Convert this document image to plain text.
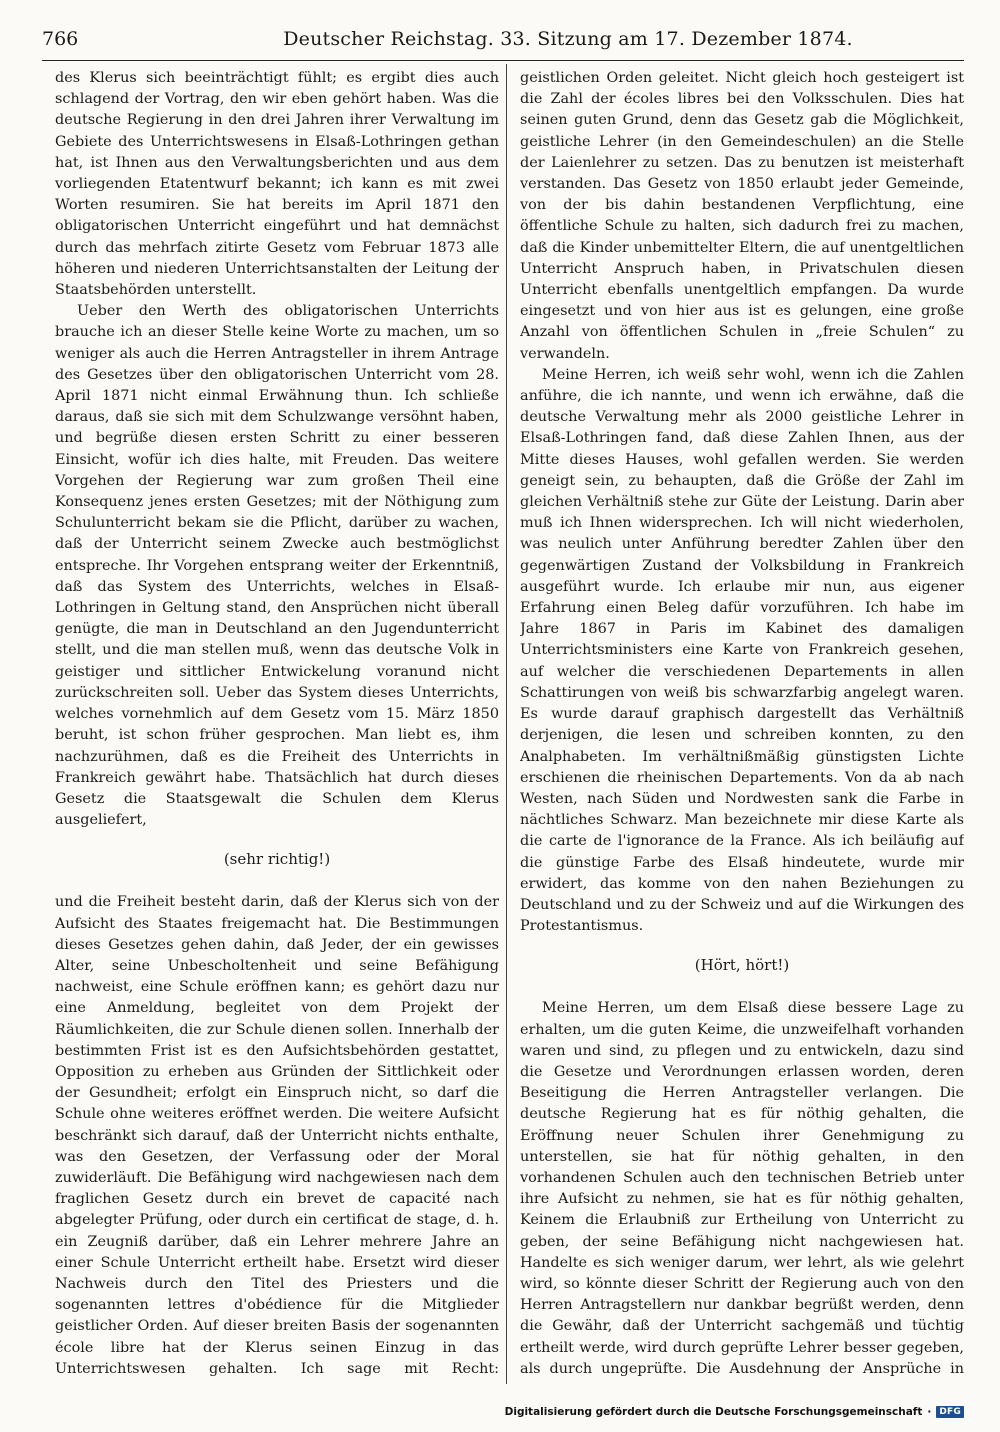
766	Deutscher Reichstag. 33. Sitzung am 17. Dezember 1874.

des Klerus sich beeinträchtigt fühlt; es ergibt dies auch schlagend der Vortrag, den wir eben gehört haben. Was die deutsche Regierung in den drei Jahren ihrer Verwaltung im Gebiete des Unterrichtswesens in Elsaß-Lothringen gethan hat, ist Ihnen aus den Verwaltungsberichten und aus dem vorliegenden Etatentwurf bekannt; ich kann es mit zwei Worten resumiren. Sie hat bereits im April 1871 den obligatorischen Unterricht eingeführt und hat demnächst durch das mehrfach zitirte Gesetz vom Februar 1873 alle höheren und niederen Unterrichtsanstalten der Leitung der Staatsbehörden unterstellt.

Ueber den Werth des obligatorischen Unterrichts brauche ich an dieser Stelle keine Worte zu machen, um so weniger als auch die Herren Antragsteller in ihrem Antrage des Gesetzes über den obligatorischen Unterricht vom 28. April 1871 nicht einmal Erwähnung thun. Ich schließe daraus, daß sie sich mit dem Schulzwange versöhnt haben, und begrüße diesen ersten Schritt zu einer besseren Einsicht, wofür ich dies halte, mit Freuden. Das weitere Vorgehen der Regierung war zum großen Theil eine Konsequenz jenes ersten Gesetzes; mit der Nöthigung zum Schulunterricht bekam sie die Pflicht, darüber zu wachen, daß der Unterricht seinem Zwecke auch bestmöglichst entspreche. Ihr Vorgehen entsprang weiter der Erkenntniß, daß das System des Unterrichts, welches in Elsaß-Lothringen in Geltung stand, den Ansprüchen nicht überall genügte, die man in Deutschland an den Jugendunterricht stellt, und die man stellen muß, wenn das deutsche Volk in geistiger und sittlicher Entwickelung voranund nicht zurückschreiten soll. Ueber das System dieses Unterrichts, welches vornehmlich auf dem Gesetz vom 15. März 1850 beruht, ist schon früher gesprochen. Man liebt es, ihm nachzurühmen, daß es die Freiheit des Unterrichts in Frankreich gewährt habe. Thatsächlich hat durch dieses Gesetz die Staatsgewalt die Schulen dem Klerus ausgeliefert,

(sehr richtig!)

und die Freiheit besteht darin, daß der Klerus sich von der Aufsicht des Staates freigemacht hat. Die Bestimmungen dieses Gesetzes gehen dahin, daß Jeder, der ein gewisses Alter, seine Unbescholtenheit und seine Befähigung nachweist, eine Schule eröffnen kann; es gehört dazu nur eine Anmeldung, begleitet von dem Projekt der Räumlichkeiten, die zur Schule dienen sollen. Innerhalb der bestimmten Frist ist es den Aufsichtsbehörden gestattet, Opposition zu erheben aus Gründen der Sittlichkeit oder der Gesundheit; erfolgt ein Einspruch nicht, so darf die Schule ohne weiteres eröffnet werden. Die weitere Aufsicht beschränkt sich darauf, daß der Unterricht nichts enthalte, was den Gesetzen, der Verfassung oder der Moral zuwiderläuft. Die Befähigung wird nachgewiesen nach dem fraglichen Gesetz durch ein brevet de capacité nach abgelegter Prüfung, oder durch ein certificat de stage, d. h. ein Zeugniß darüber, daß ein Lehrer mehrere Jahre an einer Schule Unterricht ertheilt habe. Ersetzt wird dieser Nachweis durch den Titel des Priesters und die sogenannten lettres d'obédience für die Mitglieder geistlicher Orden. Auf dieser breiten Basis der sogenannten école libre hat der Klerus seinen Einzug in das Unterrichtswesen gehalten. Ich sage mit Recht:

geistlichen Orden geleitet. Nicht gleich hoch gesteigert ist die Zahl der écoles libres bei den Volksschulen. Dies hat seinen guten Grund, denn das Gesetz gab die Möglichkeit, geistliche Lehrer (in den Gemeindeschulen) an die Stelle der Laienlehrer zu setzen. Das zu benutzen ist meisterhaft verstanden. Das Gesetz von 1850 erlaubt jeder Gemeinde, von der bis dahin bestandenen Verpflichtung, eine öffentliche Schule zu halten, sich dadurch frei zu machen, daß die Kinder unbemittelter Eltern, die auf unentgeltlichen Unterricht Anspruch haben, in Privatschulen diesen Unterricht ebenfalls unentgeltlich empfangen. Da wurde eingesetzt und von hier aus ist es gelungen, eine große Anzahl von öffentlichen Schulen in „freie Schulen“ zu verwandeln.

Meine Herren, ich weiß sehr wohl, wenn ich die Zahlen anführe, die ich nannte, und wenn ich erwähne, daß die deutsche Verwaltung mehr als 2000 geistliche Lehrer in Elsaß-Lothringen fand, daß diese Zahlen Ihnen, aus der Mitte dieses Hauses, wohl gefallen werden. Sie werden geneigt sein, zu behaupten, daß die Größe der Zahl im gleichen Verhältniß stehe zur Güte der Leistung. Darin aber muß ich Ihnen widersprechen. Ich will nicht wiederholen, was neulich unter Anführung beredter Zahlen über den gegenwärtigen Zustand der Volksbildung in Frankreich ausgeführt wurde. Ich erlaube mir nun, aus eigener Erfahrung einen Beleg dafür vorzuführen. Ich habe im Jahre 1867 in Paris im Kabinet des damaligen Unterrichtsministers eine Karte von Frankreich gesehen, auf welcher die verschiedenen Departements in allen Schattirungen von weiß bis schwarzfarbig angelegt waren. Es wurde darauf graphisch dargestellt das Verhältniß derjenigen, die lesen und schreiben konnten, zu den Analphabeten. Im verhältnißmäßig günstigsten Lichte erschienen die rheinischen Departements. Von da ab nach Westen, nach Süden und Nordwesten sank die Farbe in nächtliches Schwarz. Man bezeichnete mir diese Karte als die carte de l'ignorance de la France. Als ich beiläufig auf die günstige Farbe des Elsaß hindeutete, wurde mir erwidert, das komme von den nahen Beziehungen zu Deutschland und zu der Schweiz und auf die Wirkungen des Protestantismus.

(Hört, hört!)

Meine Herren, um dem Elsaß diese bessere Lage zu erhalten, um die guten Keime, die unzweifelhaft vorhanden waren und sind, zu pflegen und zu entwickeln, dazu sind die Gesetze und Verordnungen erlassen worden, deren Beseitigung die Herren Antragsteller verlangen. Die deutsche Regierung hat es für nöthig gehalten, die Eröffnung neuer Schulen ihrer Genehmigung zu unterstellen, sie hat für nöthig gehalten, in den vorhandenen Schulen auch den technischen Betrieb unter ihre Aufsicht zu nehmen, sie hat es für nöthig gehalten, Keinem die Erlaubniß zur Ertheilung von Unterricht zu geben, der seine Befähigung nicht nachgewiesen hat. Handelte es sich weniger darum, wer lehrt, als wie gelehrt wird, so könnte dieser Schritt der Regierung auch von den Herren Antragstellern nur dankbar begrüßt werden, denn die Gewähr, daß der Unterricht sachgemäß und tüchtig ertheilt werde, wird durch geprüfte Lehrer besser gegeben, als durch ungeprüfte. Die Ausdehnung der Ansprüche in

Digitalisierung gefördert durch die Deutsche Forschungsgemeinschaft · DFG
